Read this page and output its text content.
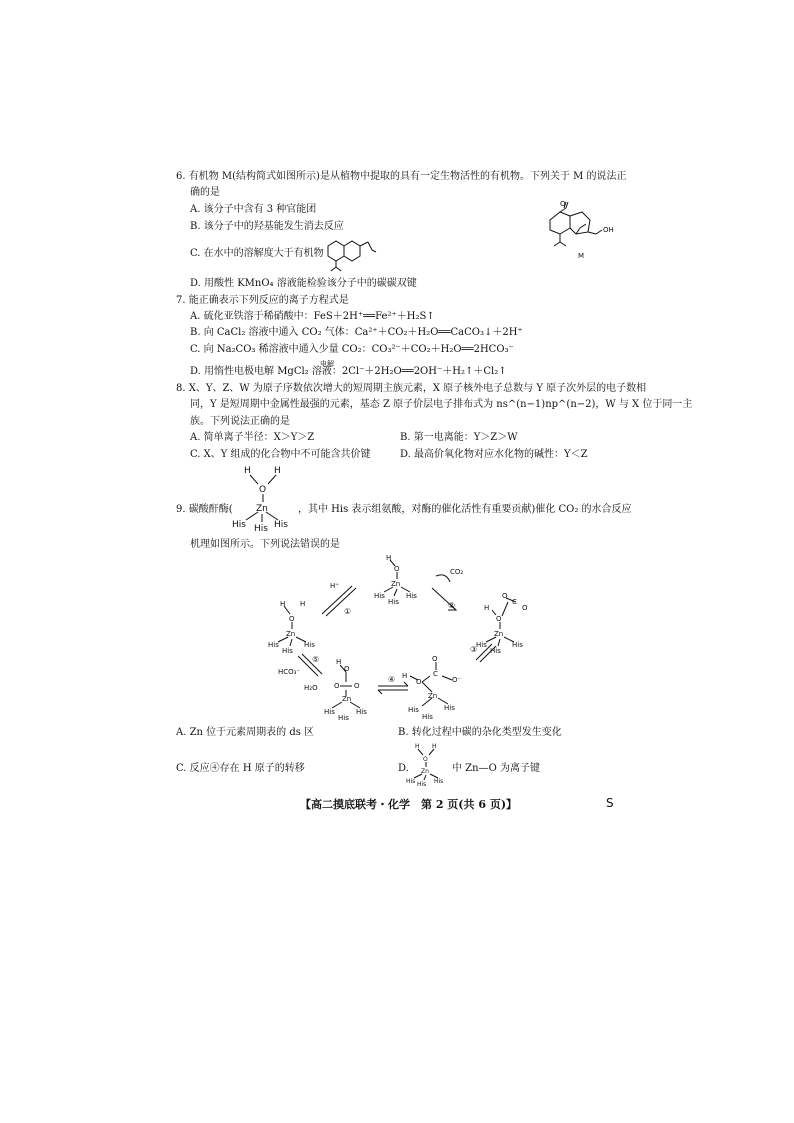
6. 有机物 M(结构简式如图所示)是从植物中提取的具有一定生物活性的有机物。下列关于 M 的说法正
确的是
A. 该分子中含有 3 种官能团
B. 该分子中的羟基能发生消去反应
C. 在水中的溶解度大于有机物
D. 用酸性 KMnO₄ 溶液能检验该分子中的碳碳双键
O
OH
M
7. 能正确表示下列反应的离子方程式是
A. 硫化亚铁溶于稀硝酸中：FeS＋2H⁺══Fe²⁺＋H₂S↑
B. 向 CaCl₂ 溶液中通入 CO₂ 气体：Ca²⁺＋CO₂＋H₂O══CaCO₃↓＋2H⁺
C. 向 Na₂CO₃ 稀溶液中通入少量 CO₂：CO₃²⁻＋CO₂＋H₂O══2HCO₃⁻
电解
D. 用惰性电极电解 MgCl₂ 溶液：2Cl⁻＋2H₂O══2OH⁻＋H₂↑＋Cl₂↑
8. X、Y、Z、W 为原子序数依次增大的短周期主族元素，X 原子核外电子总数与 Y 原子次外层的电子数相
同，Y 是短周期中金属性最强的元素，基态 Z 原子价层电子排布式为 ns^(n−1)np^(n−2)，W 与 X 位于同一主
族。下列说法正确的是
A. 简单离子半径：X＞Y＞Z	B. 第一电离能：Y＞Z＞W
C. X、Y 组成的化合物中不可能含共价键	D. 最高价氧化物对应水化物的碱性：Y＜Z
9. 碳酸酐酶(
H	H
O
Zn
His	His
His
，其中 His 表示组氨酸，对酶的催化活性有重要贡献)催化 CO₂ 的水合反应
机理如图所示。下列说法错误的是
H
O
Zn
His	His
His
H H
O
Zn
His	His
His
H
O
O
C
O
Zn
His	His
His
H
O
O O
Zn
His	His
His
O
C
O⁻
H
O
Zn
His	His
His
H⁺
①
CO₂
②
③
④
⑤
HCO₃⁻
H₂O
A. Zn 位于元素周期表的 ds 区	B. 转化过程中碳的杂化类型发生变化
C. 反应④存在 H 原子的转移	D.
H H
O
Zn
His	His
His
中 Zn—O 为离子键
【高二摸底联考・化学　第 2 页(共 6 页)】	S
